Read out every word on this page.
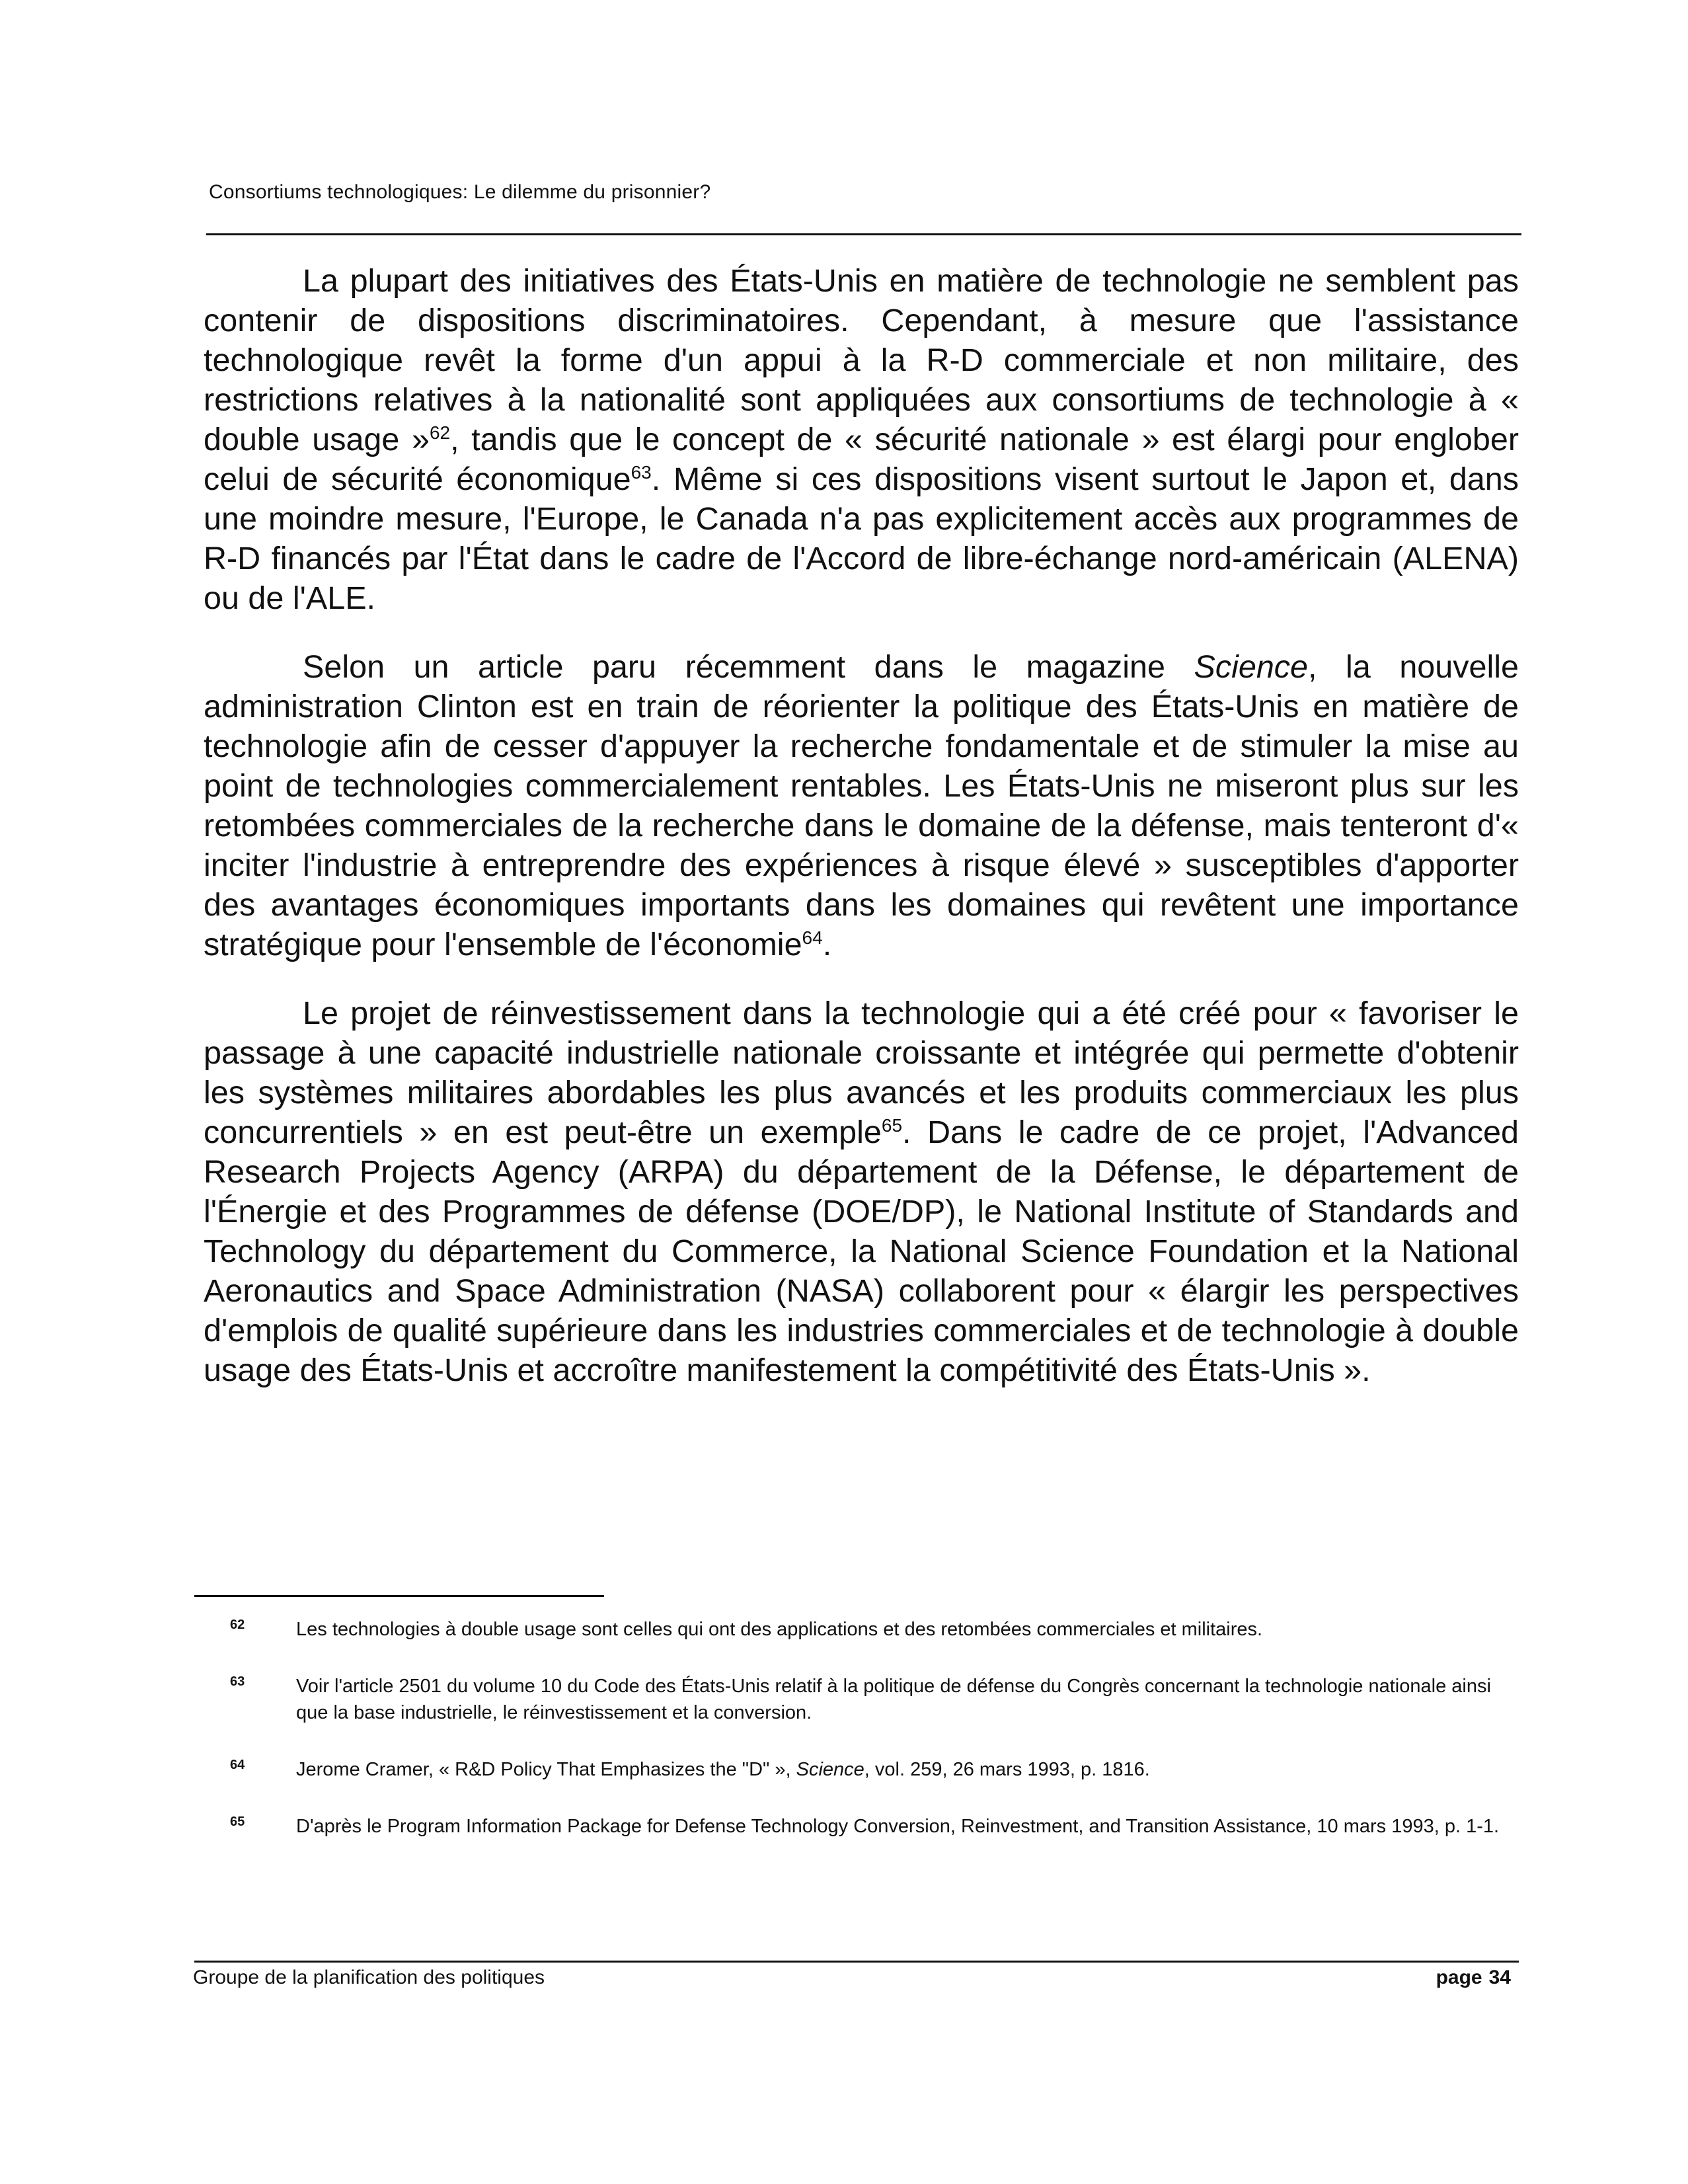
Consortiums technologiques: Le dilemme du prisonnier?

La plupart des initiatives des États-Unis en matière de technologie ne semblent pas contenir de dispositions discriminatoires. Cependant, à mesure que l'assistance technologique revêt la forme d'un appui à la R-D commerciale et non militaire, des restrictions relatives à la nationalité sont appliquées aux consortiums de technologie à « double usage »$^{62}$, tandis que le concept de « sécurité nationale » est élargi pour englober celui de sécurité économique$^{63}$. Même si ces dispositions visent surtout le Japon et, dans une moindre mesure, l'Europe, le Canada n'a pas explicitement accès aux programmes de R-D financés par l'État dans le cadre de l'Accord de libre-échange nord-américain (ALENA) ou de l'ALE.

Selon un article paru récemment dans le magazine Science, la nouvelle administration Clinton est en train de réorienter la politique des États-Unis en matière de technologie afin de cesser d'appuyer la recherche fondamentale et de stimuler la mise au point de technologies commercialement rentables. Les États-Unis ne miseront plus sur les retombées commerciales de la recherche dans le domaine de la défense, mais tenteront d'« inciter l'industrie à entreprendre des expériences à risque élevé » susceptibles d'apporter des avantages économiques importants dans les domaines qui revêtent une importance stratégique pour l'ensemble de l'économie$^{64}$.

Le projet de réinvestissement dans la technologie qui a été créé pour « favoriser le passage à une capacité industrielle nationale croissante et intégrée qui permette d'obtenir les systèmes militaires abordables les plus avancés et les produits commerciaux les plus concurrentiels » en est peut-être un exemple$^{65}$. Dans le cadre de ce projet, l'Advanced Research Projects Agency (ARPA) du département de la Défense, le département de l'Énergie et des Programmes de défense (DOE/DP), le National Institute of Standards and Technology du département du Commerce, la National Science Foundation et la National Aeronautics and Space Administration (NASA) collaborent pour « élargir les perspectives d'emplois de qualité supérieure dans les industries commerciales et de technologie à double usage des États-Unis et accroître manifestement la compétitivité des États-Unis ».

62	Les technologies à double usage sont celles qui ont des applications et des retombées commerciales et militaires.
63	Voir l'article 2501 du volume 10 du Code des États-Unis relatif à la politique de défense du Congrès concernant la technologie nationale ainsi que la base industrielle, le réinvestissement et la conversion.
64	Jerome Cramer, « R&D Policy That Emphasizes the "D" », Science, vol. 259, 26 mars 1993, p. 1816.
65	D'après le Program Information Package for Defense Technology Conversion, Reinvestment, and Transition Assistance, 10 mars 1993, p. 1-1.
Groupe de la planification des politiques	page 34
